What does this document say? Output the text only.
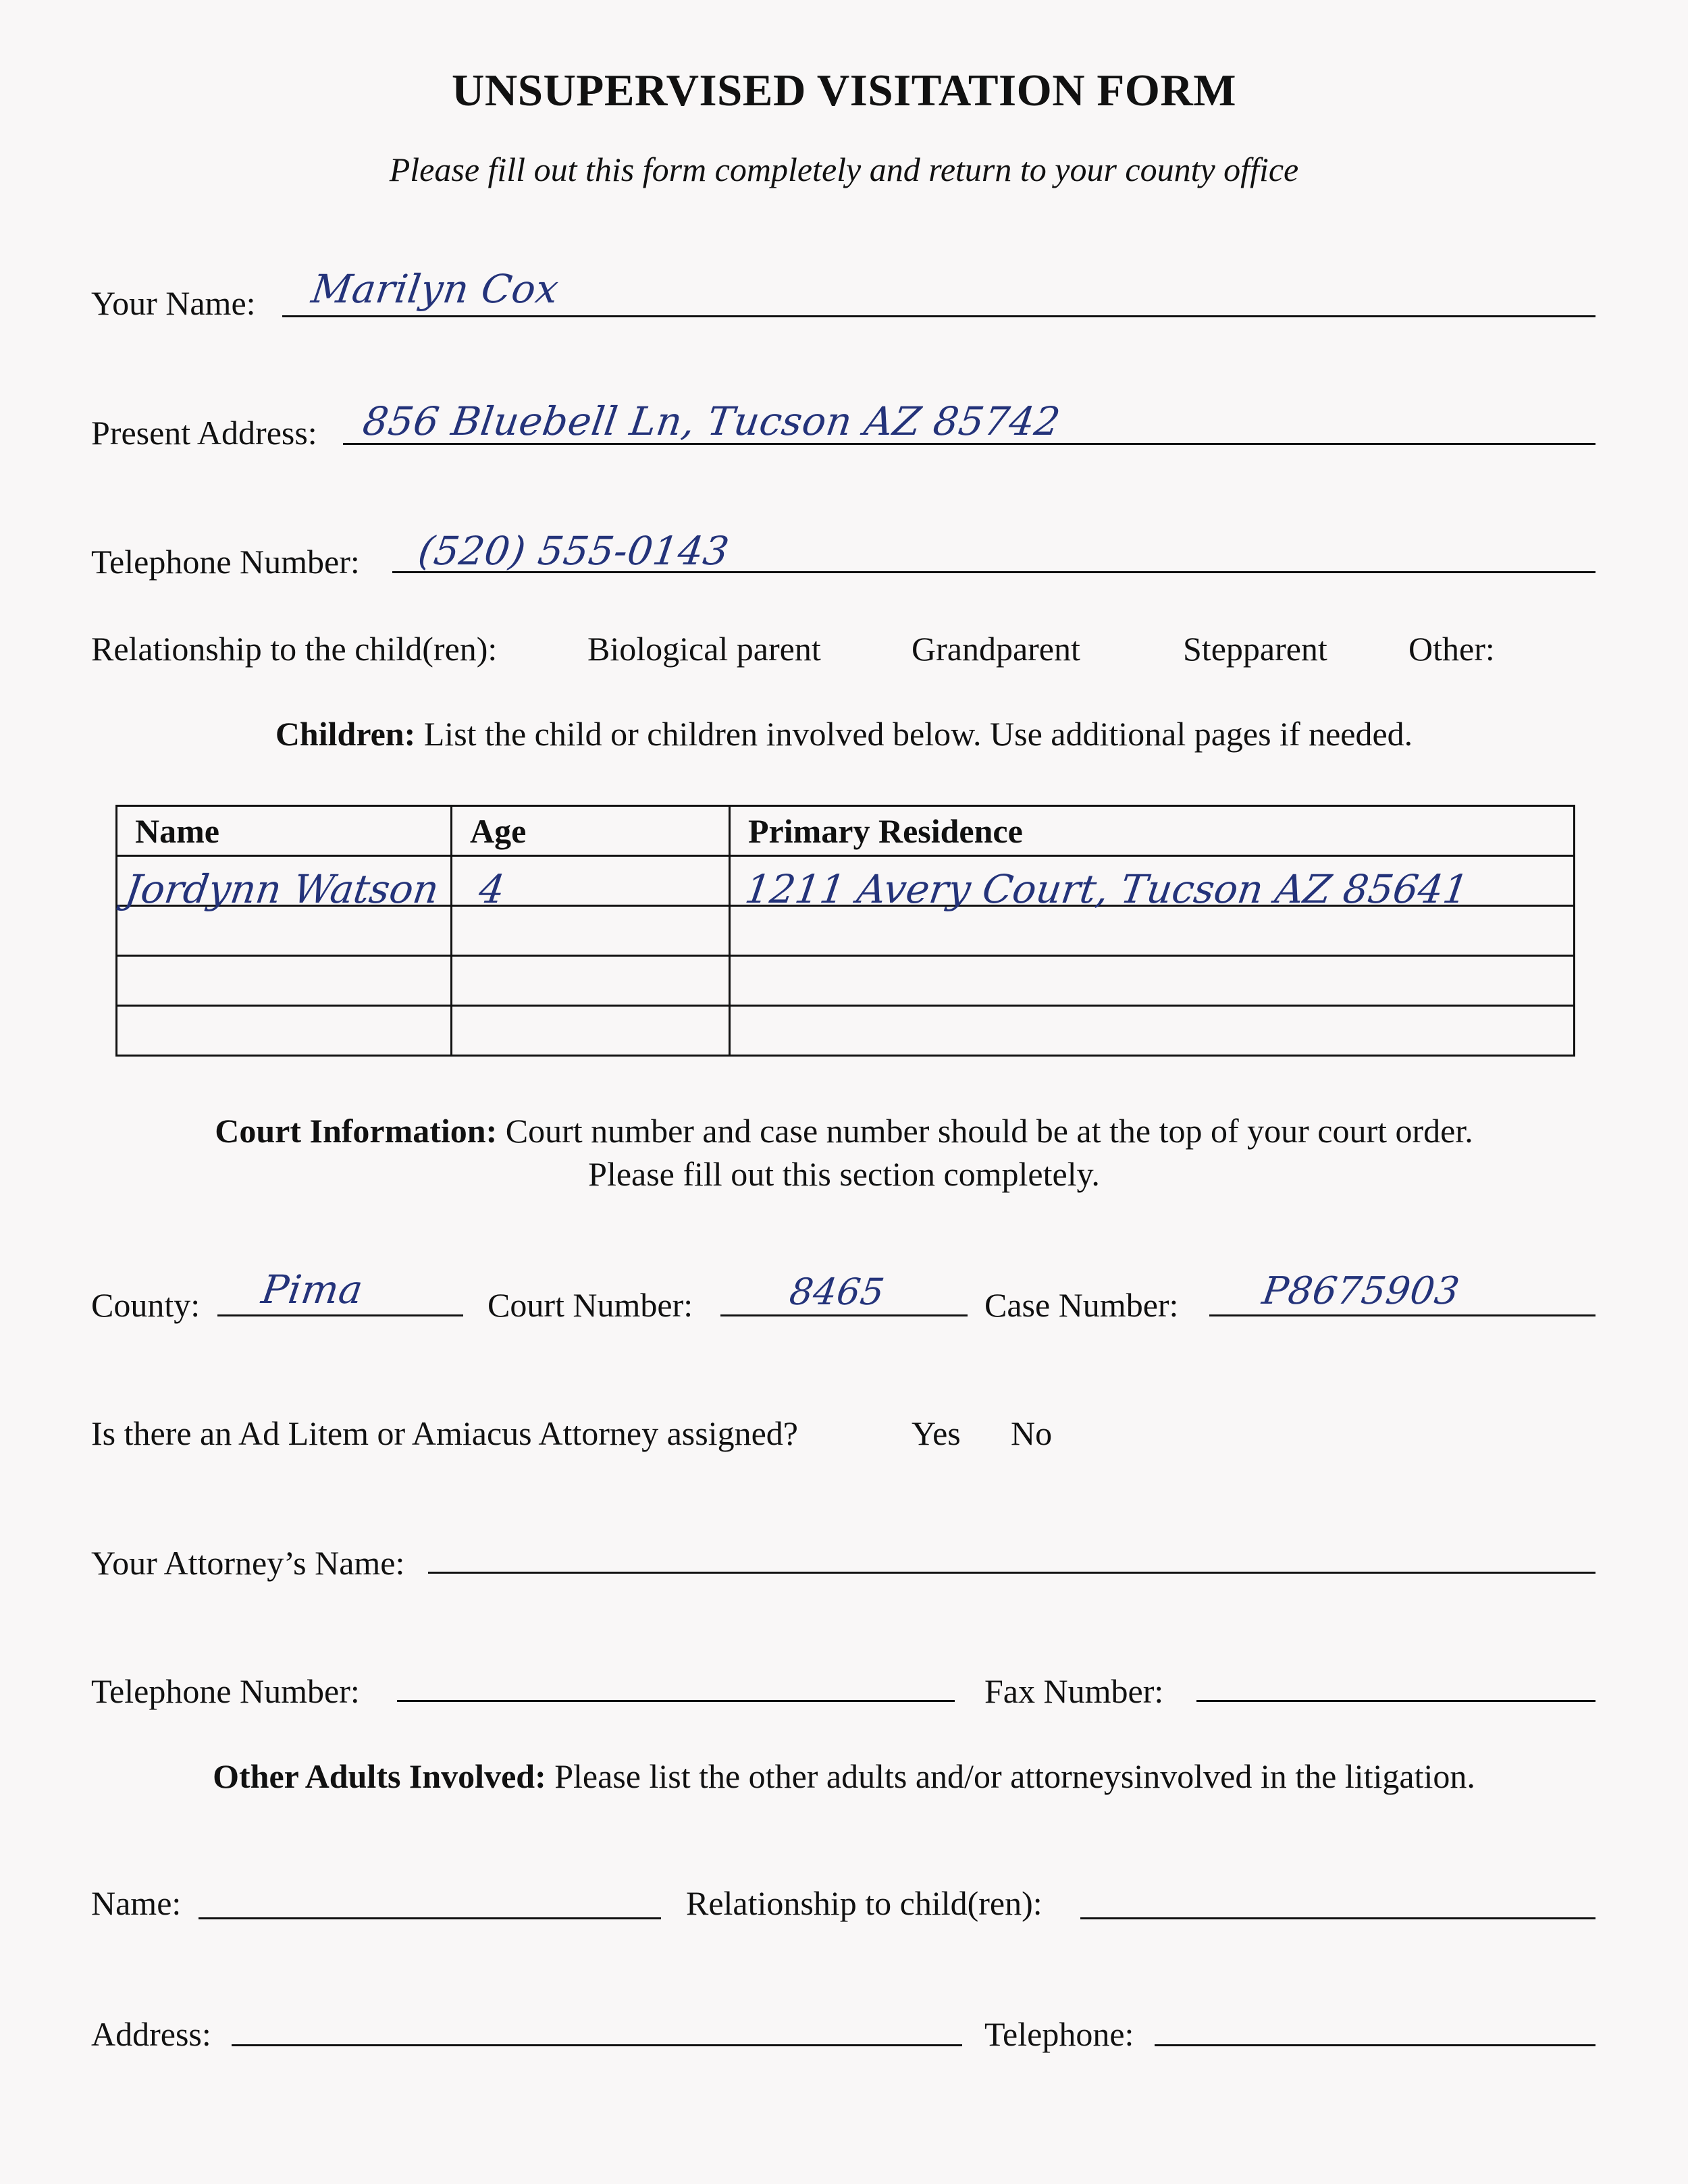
UNSUPERVISED VISITATION FORM
Please fill out this form completely and return to your county office
Your Name: Marilyn Cox
Present Address: 856 Bluebell Ln, Tucson AZ 85742
Telephone Number: (520) 555-0143
Relationship to the child(ren):	Biological parent	Grandparent	Stepparent Other:
Children: List the child or children involved below. Use additional pages if needed.
Name	Age	Primary Residence
Jordynn Watson	4	1211 Avery Court, Tucson AZ 85641

Court Information: Court number and case number should be at the top of your court order.
Please fill out this section completely.
County: Pima	Court Number:	8465	Case Number: P8675903
Is there an Ad Litem or Amiacus Attorney assigned?	Yes No
Your Attorney’s Name:
Telephone Number:	Fax Number:
Other Adults Involved: Please list the other adults and/or attorneysinvolved in the litigation.
Name:	Relationship to child(ren):
Address:	Telephone:
